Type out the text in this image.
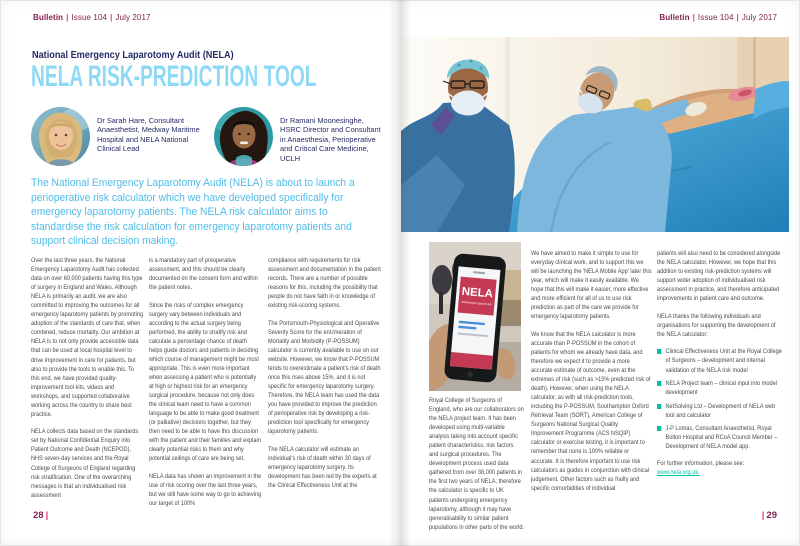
Bulletin | Issue 104 | July 2017
National Emergency Laparotomy Audit (NELA)
NELA RISK-PREDICTION TOOL

Dr Sarah Hare, Consultant Anaesthetist, Medway Maritime Hospital and NELA National Clinical Lead

Dr Ramani Moonesinghe, HSRC Director and Consultant in Anaesthesia, Perioperative and Critical Care Medicine, UCLH

The National Emergency Laparotomy Audit (NELA) is about to launch a perioperative risk calculator which we have developed specifically for emergency laparotomy patients. The NELA risk calculator aims to standardise the risk calculation for emergency laparotomy patients and support clinical decision making.

Over the last three years, the National Emergency Laparotomy Audit has collected data on over 60,000 patients having this type of surgery in England and Wales. Although NELA is primarily an audit, we are also committed to improving the outcomes for all emergency laparotomy patients by promoting adoption of the standards of care that, when combined, reduce mortality. Our ambition at NELA is to not only provide accessible data that can be used at local hospital level to drive improvement in care for patients, but also to provide the tools to enable this. To this end, we have provided quality-improvement tool kits, videos and workshops, and supported collaborative working across the country to share best practice.

NELA collects data based on the standards set by National Confidential Enquiry into Patient Outcome and Death (NCEPOD), NHS seven-day services and the Royal College of Surgeons of England regarding risk stratification. One of the overarching messages is that an individualised risk assessment

is a mandatory part of preoperative assessment, and this should be clearly documented on the consent form and within the patient notes.

Since the risks of complex emergency surgery vary between individuals and according to the actual surgery being performed, the ability to stratify risk and calculate a percentage chance of death helps guide doctors and patients in deciding which course of management might be most appropriate. This is even more important when assessing a patient who is potentially at high or highest risk for an emergency surgical procedure, because not only does the clinical team need to have a common language to be able to make good treatment (or palliative) decisions together, but they then need to be able to have this discussion with the patient and their families and explain clearly potential risks to them and why potential ceilings of care are being set.

NELA data has shown an improvement in the use of risk scoring over the last three years, but we still have some way to go to achieving our target of 100%

compliance with requirements for risk assessment and documentation in the patient records. There are a number of possible reasons for this, including the possibility that people do not have faith in or knowledge of existing risk-scoring systems.

The Portsmouth-Physiological and Operative Severity Score for the enUmeration of Mortality and Morbidity (P-POSSUM) calculator is currently available to use on our website. However, we know that P-POSSUM tends to overestimate a patient's risk of death once this rises above 15%, and it is not specific for emergency laparotomy surgery. Therefore, the NELA team has used the data you have provided to improve the prediction of perioperative risk by developing a risk-prediction tool specifically for emergency laparotomy patients.

The NELA calculator will estimate an individual's risk of death within 30 days of emergency laparotomy surgery. Its development has been led by the experts at the Clinical Effectiveness Unit at the

28 |
Bulletin | Issue 104 | July 2017
NELA
National Emergency Laparotomy Audit

Royal College of Surgeons of England, who are our collaborators on the NELA project team. It has been developed using multi-variable analysis taking into account specific patient characteristics, risk factors and surgical procedures. The development process used data gathered from over 38,000 patients in the first two years of NELA; therefore the calculator is specific to UK patients undergoing emergency laparotomy, although it may have generalisability to similar patient populations in other parts of the world.

We have aimed to make it simple to use for everyday clinical work, and to support this we will be launching the 'NELA Mobile App' later this year, which will make it easily available. We hope that this will make it easier, more effective and more efficient for all of us to use risk prediction as part of the care we provide for emergency laparotomy patients.

We know that the NELA calculator is more accurate than P-POSSUM in the cohort of patients for whom we already have data, and therefore we expect it to provide a more accurate estimate of outcome, even at the extremes of risk (such as >15% predicted risk of death). However, when using the NELA calculator, as with all risk-prediction tools, including the P-POSSUM, Southampton Oxford Retrieval Team (SORT), American College of Surgeons National Surgical Quality Improvement Programme (ACS NSQIP) calculator or exercise testing, it is important to remember that none is 100% reliable or accurate. It is therefore important to use risk calculators as guides in conjunction with clinical judgement. Other factors such as frailty and specific comorbidities of individual

patients will also need to be considered alongside the NELA calculator. However, we hope that this addition to existing risk-prediction systems will support wider adoption of individualised risk assessment in practice, and therefore anticipated improvements in patient care and outcome.

NELA thanks the following individuals and organisations for supporting the development of the NELA calculator:

Clinical Effectiveness Unit at the Royal College of Surgeons – development and internal validation of the NELA risk model
NELA Project team – clinical input into model development
NetSolving Ltd – Development of NELA web tool and calculator
J-P Lomas, Consultant Anaesthetist, Royal Bolton Hospital and RCoA Council Member – Development of NELA model app.

For further information, please see:
www.nela.org.uk.

| 29
